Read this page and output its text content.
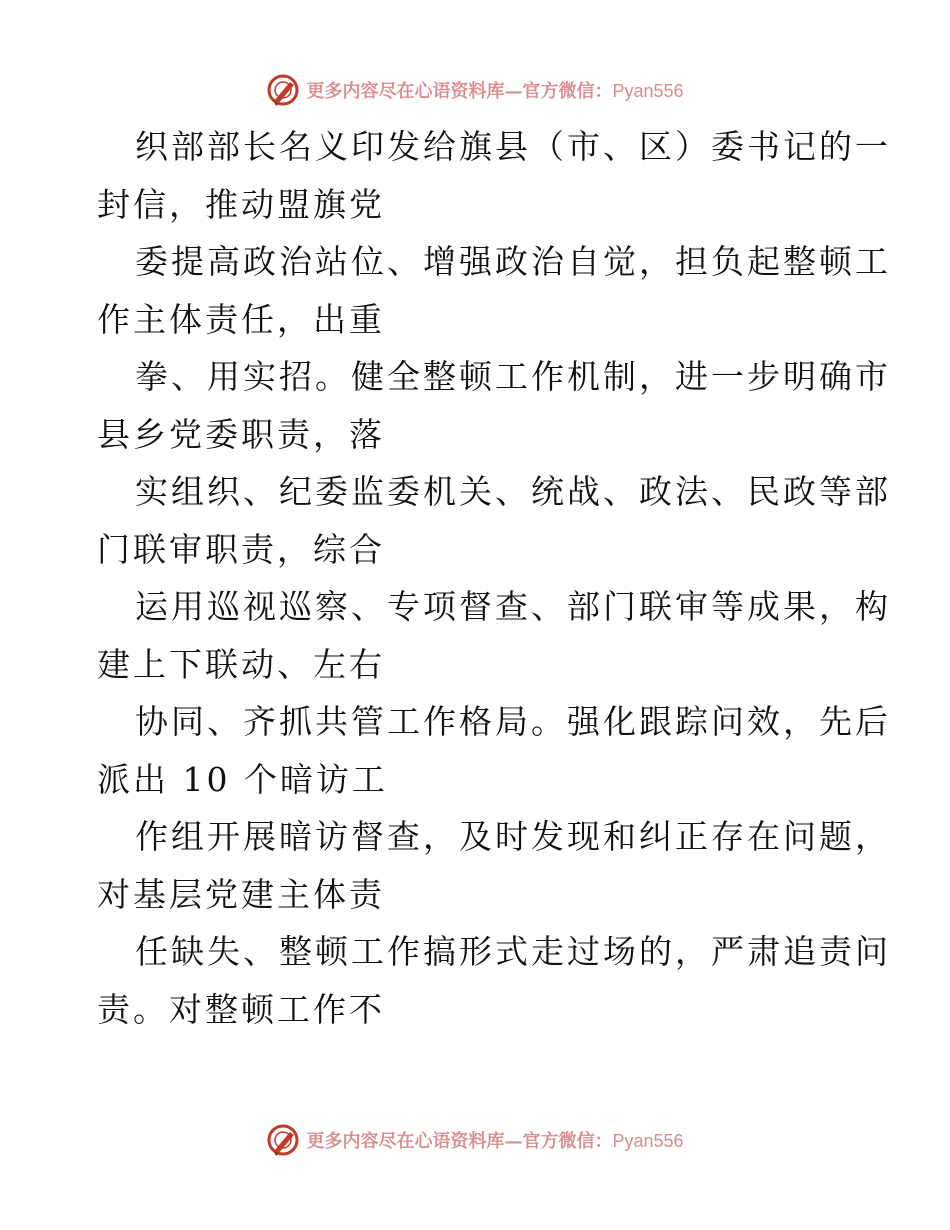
更多内容尽在心语资料库—官方微信：Pyan556
织部部长名义印发给旗县（市、区）委书记的一
封信，推动盟旗党
委提高政治站位、增强政治自觉，担负起整顿工
作主体责任，出重
拳、用实招。健全整顿工作机制，进一步明确市
县乡党委职责，落
实组织、纪委监委机关、统战、政法、民政等部
门联审职责，综合
运用巡视巡察、专项督查、部门联审等成果，构
建上下联动、左右
协同、齐抓共管工作格局。强化跟踪问效，先后
派出 10 个暗访工
作组开展暗访督查，及时发现和纠正存在问题，
对基层党建主体责
任缺失、整顿工作搞形式走过场的，严肃追责问
责。对整顿工作不
更多内容尽在心语资料库—官方微信：Pyan556
